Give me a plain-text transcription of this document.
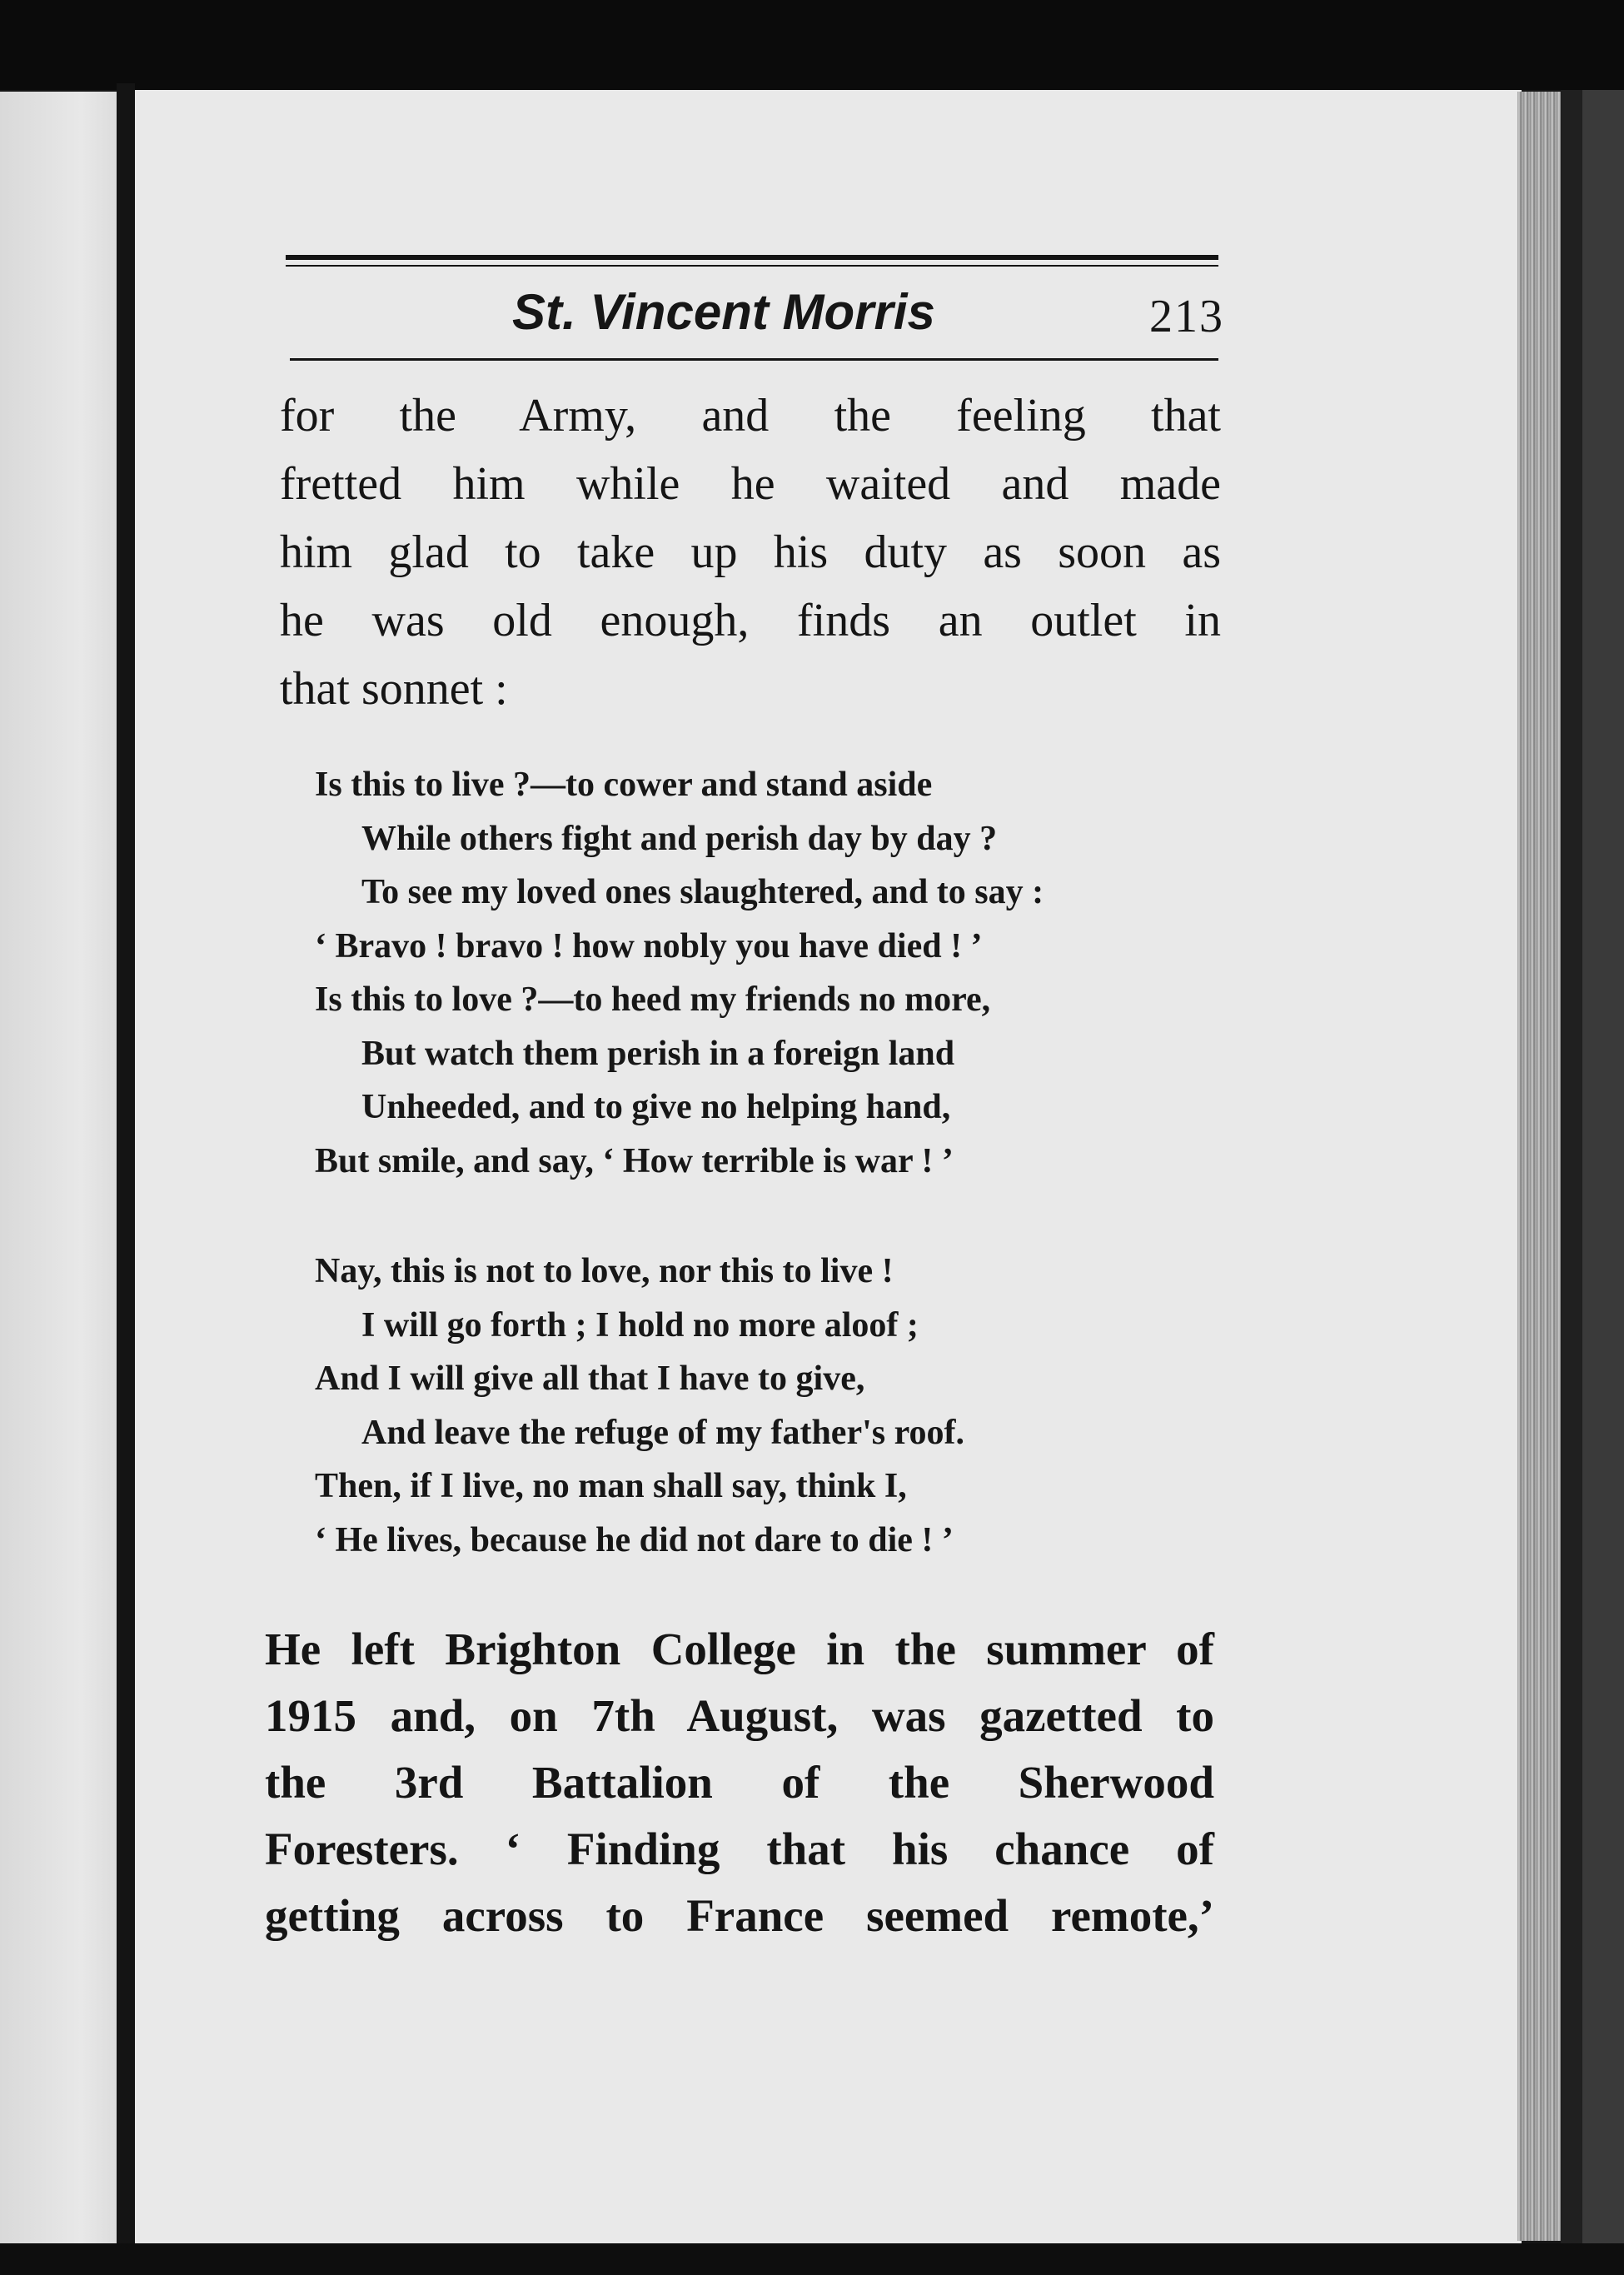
St. Vincent Morris	213
for the Army, and the feeling that
fretted him while he waited and made
him glad to take up his duty as soon as
he was old enough, finds an outlet in
that sonnet :
Is this to live ?—to cower and stand aside
While others fight and perish day by day ?
To see my loved ones slaughtered, and to say :
‘ Bravo ! bravo ! how nobly you have died ! ’
Is this to love ?—to heed my friends no more,
But watch them perish in a foreign land
Unheeded, and to give no helping hand,
But smile, and say, ‘ How terrible is war ! ’
Nay, this is not to love, nor this to live !
I will go forth ; I hold no more aloof ;
And I will give all that I have to give,
And leave the refuge of my father's roof.
Then, if I live, no man shall say, think I,
‘ He lives, because he did not dare to die ! ’
He left Brighton College in the summer of
1915 and, on 7th August, was gazetted to
the 3rd Battalion of the Sherwood
Foresters. ‘ Finding that his chance of
getting across to France seemed remote,’
